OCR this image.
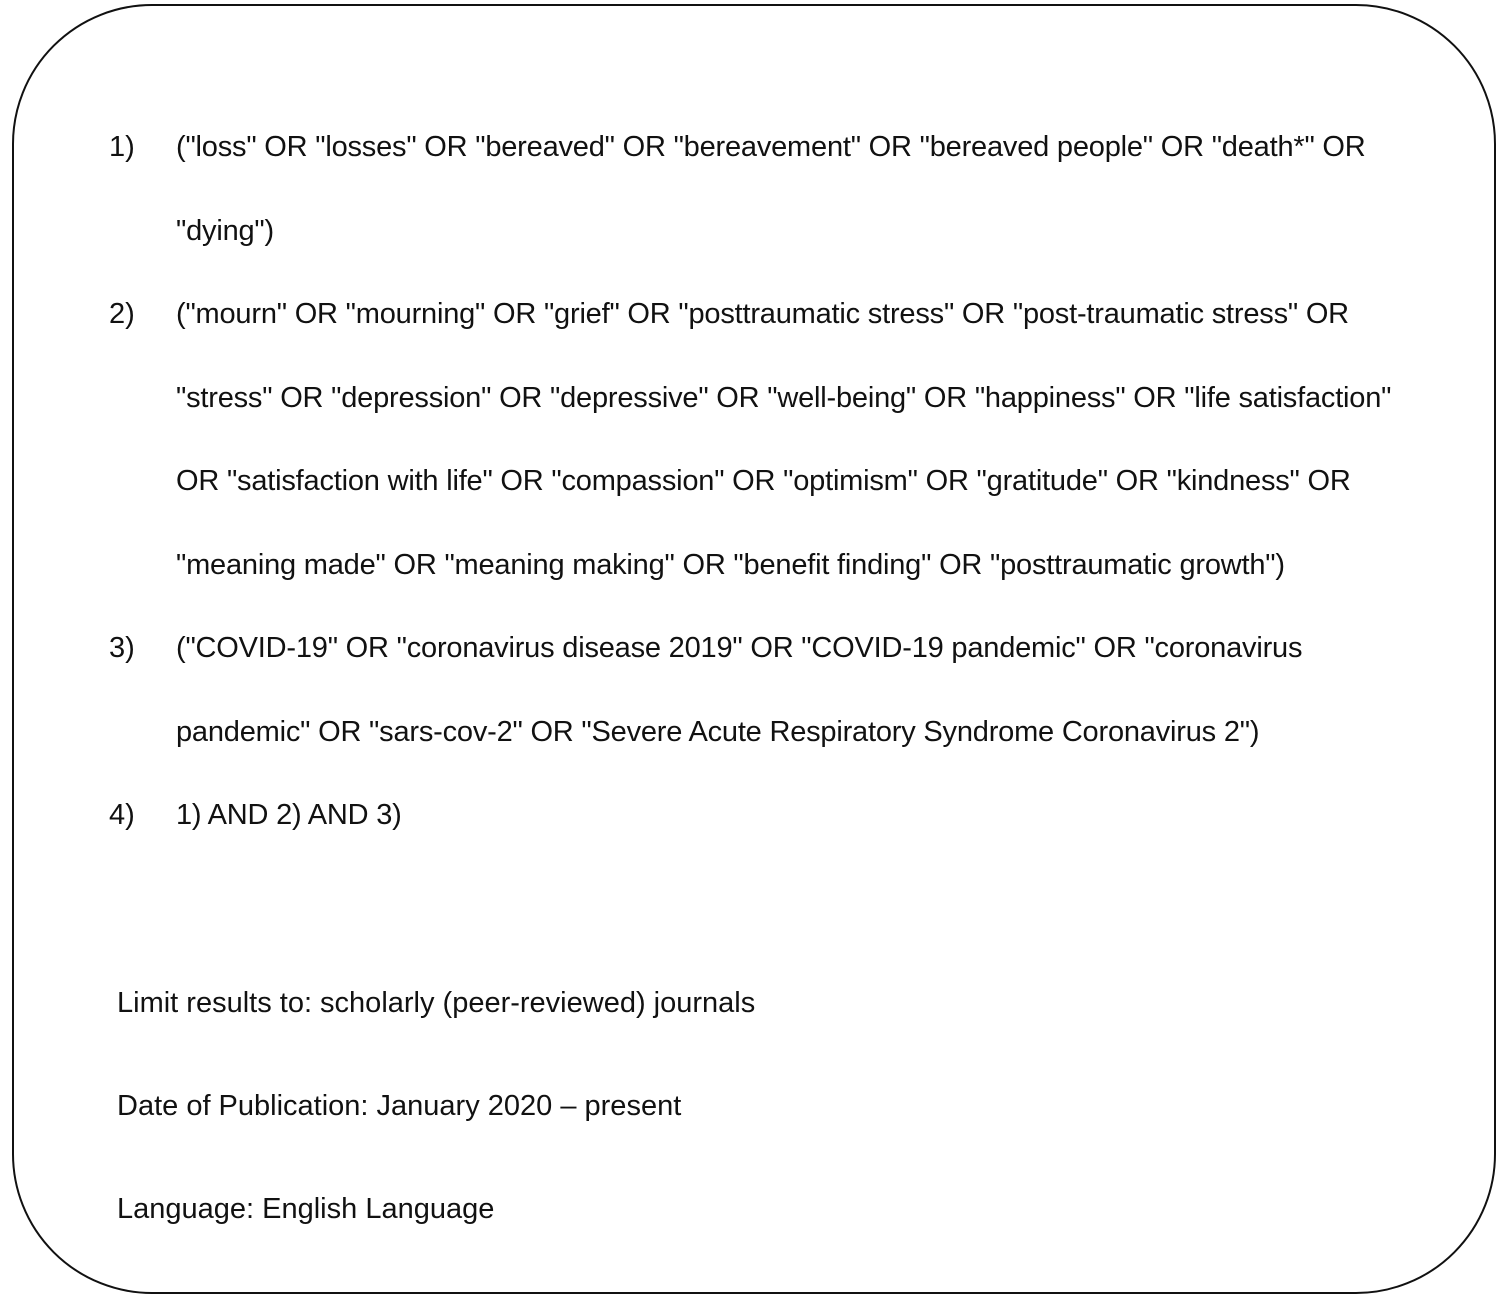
1)	("loss" OR "losses" OR "bereaved" OR "bereavement" OR "bereaved people" OR "death*" OR "dying")
2)	("mourn" OR "mourning" OR "grief" OR "posttraumatic stress" OR "post-traumatic stress" OR "stress" OR "depression" OR "depressive" OR "well-being" OR "happiness" OR "life satisfaction" OR "satisfaction with life" OR "compassion" OR "optimism" OR "gratitude" OR "kindness" OR "meaning made" OR "meaning making" OR "benefit finding" OR "posttraumatic growth")
3)	("COVID-19" OR "coronavirus disease 2019" OR "COVID-19 pandemic" OR "coronavirus pandemic" OR "sars-cov-2" OR "Severe Acute Respiratory Syndrome Coronavirus 2")
4)	1) AND 2) AND 3)
Limit results to: scholarly (peer-reviewed) journals
Date of Publication: January 2020 – present
Language: English Language
